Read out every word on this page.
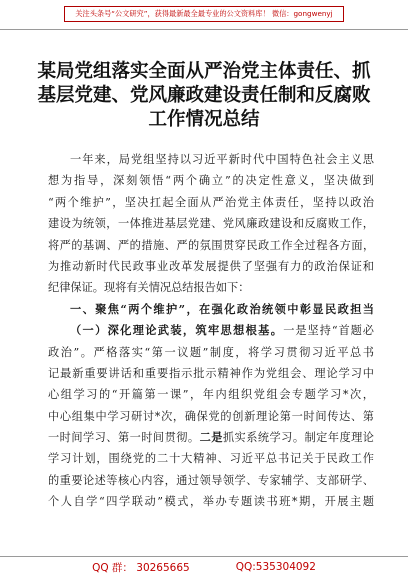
关注头条号“公文研究”，获得最新最全最专业的公文资料库！ 微信：gongwenyj
某局党组落实全面从严治党主体责任、抓
基层党建、党风廉政建设责任制和反腐败
工作情况总结
一年来，局党组坚持以习近平新时代中国特色社会主义思
想为指导，深刻领悟“两个确立”的决定性意义，坚决做到
“两个维护”，坚决扛起全面从严治党主体责任，坚持以政治
建设为统领，一体推进基层党建、党风廉政建设和反腐败工作，
将严的基调、严的措施、严的氛围贯穿民政工作全过程各方面，
为推动新时代民政事业改革发展提供了坚强有力的政治保证和
纪律保证。现将有关情况总结报告如下：
一、聚焦“两个维护”，在强化政治统领中彰显民政担当
（一）深化理论武装，筑牢思想根基。一是坚持“首题必
政治”。严格落实“第一议题”制度，将学习贯彻习近平总书
记最新重要讲话和重要指示批示精神作为党组会、理论学习中
心组学习的“开篇第一课”，年内组织党组会专题学习*次，
中心组集中学习研讨*次，确保党的创新理论第一时间传达、第
一时间学习、第一时间贯彻。二是抓实系统学习。制定年度理论
学习计划，围绕党的二十大精神、习近平总书记关于民政工作
的重要论述等核心内容，通过领导领学、专家辅学、支部研学、
个人自学“四学联动”模式，举办专题读书班*期，开展主题
QQ 群： 30265665	QQ:535304092
